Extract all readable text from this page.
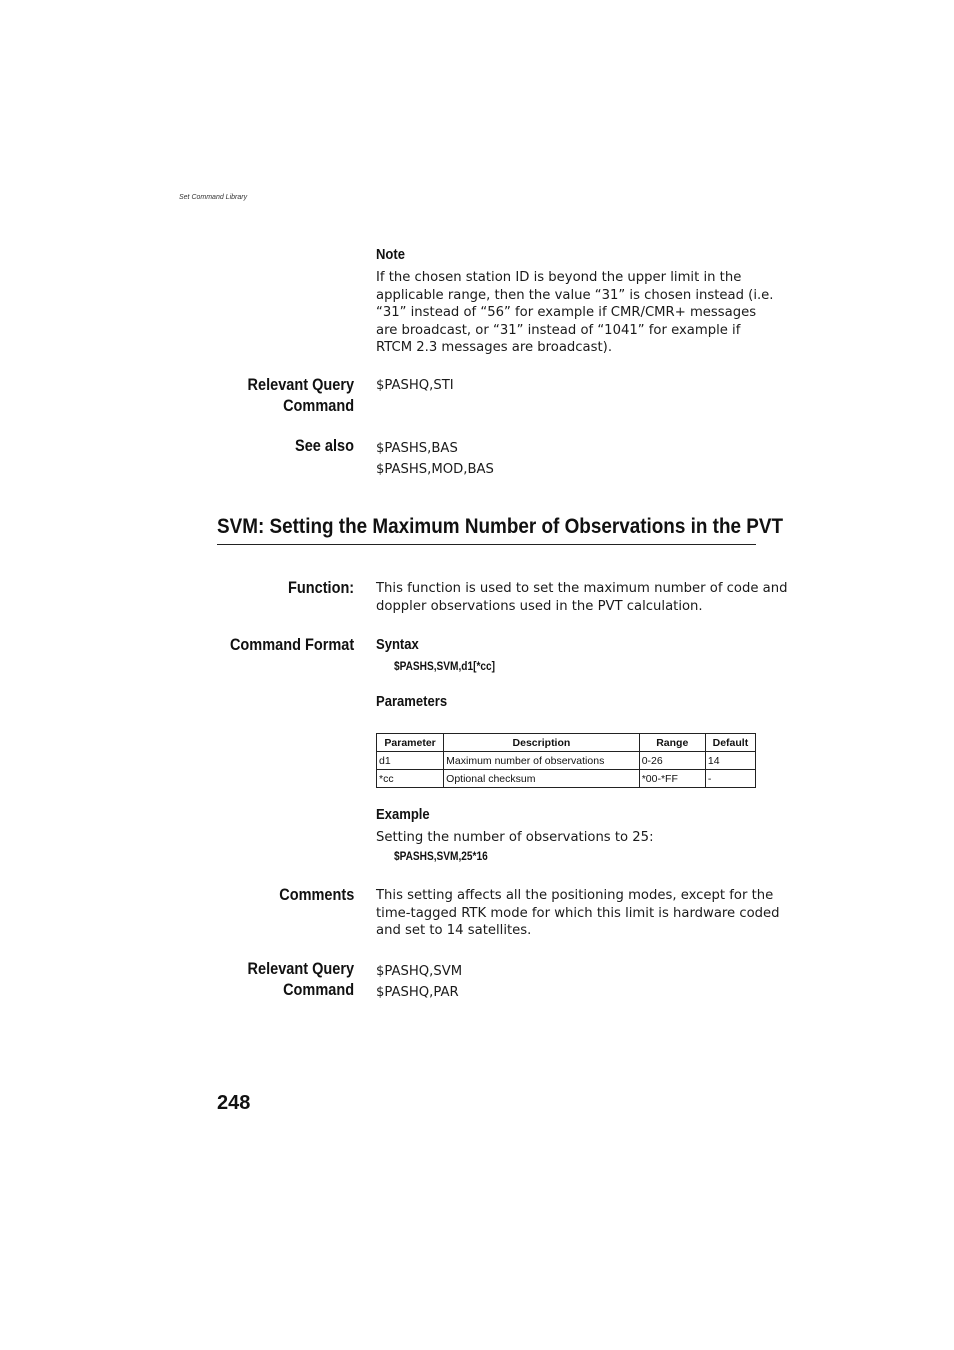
Set Command Library
Note
If the chosen station ID is beyond the upper limit in the
applicable range, then the value “31” is chosen instead (i.e.
“31” instead of “56” for example if CMR/CMR+ messages
are broadcast, or “31” instead of “1041” for example if
RTCM 2.3 messages are broadcast).
Relevant Query
Command
$PASHQ,STI
See also $PASHS,BAS
$PASHS,MOD,BAS
SVM: Setting the Maximum Number of Observations in the PVT
Function: This function is used to set the maximum number of code and
doppler observations used in the PVT calculation.
Command Format Syntax
$PASHS,SVM,d1[*cc]
Parameters
Parameter	Description	Range	Default
d1	Maximum number of observations	0-26	14
*cc	Optional checksum	*00-*FF	-
Example
Setting the number of observations to 25:
$PASHS,SVM,25*16
Comments This setting affects all the positioning modes, except for the
time-tagged RTK mode for which this limit is hardware coded
and set to 14 satellites.
Relevant Query
Command
$PASHQ,SVM
$PASHQ,PAR
248
